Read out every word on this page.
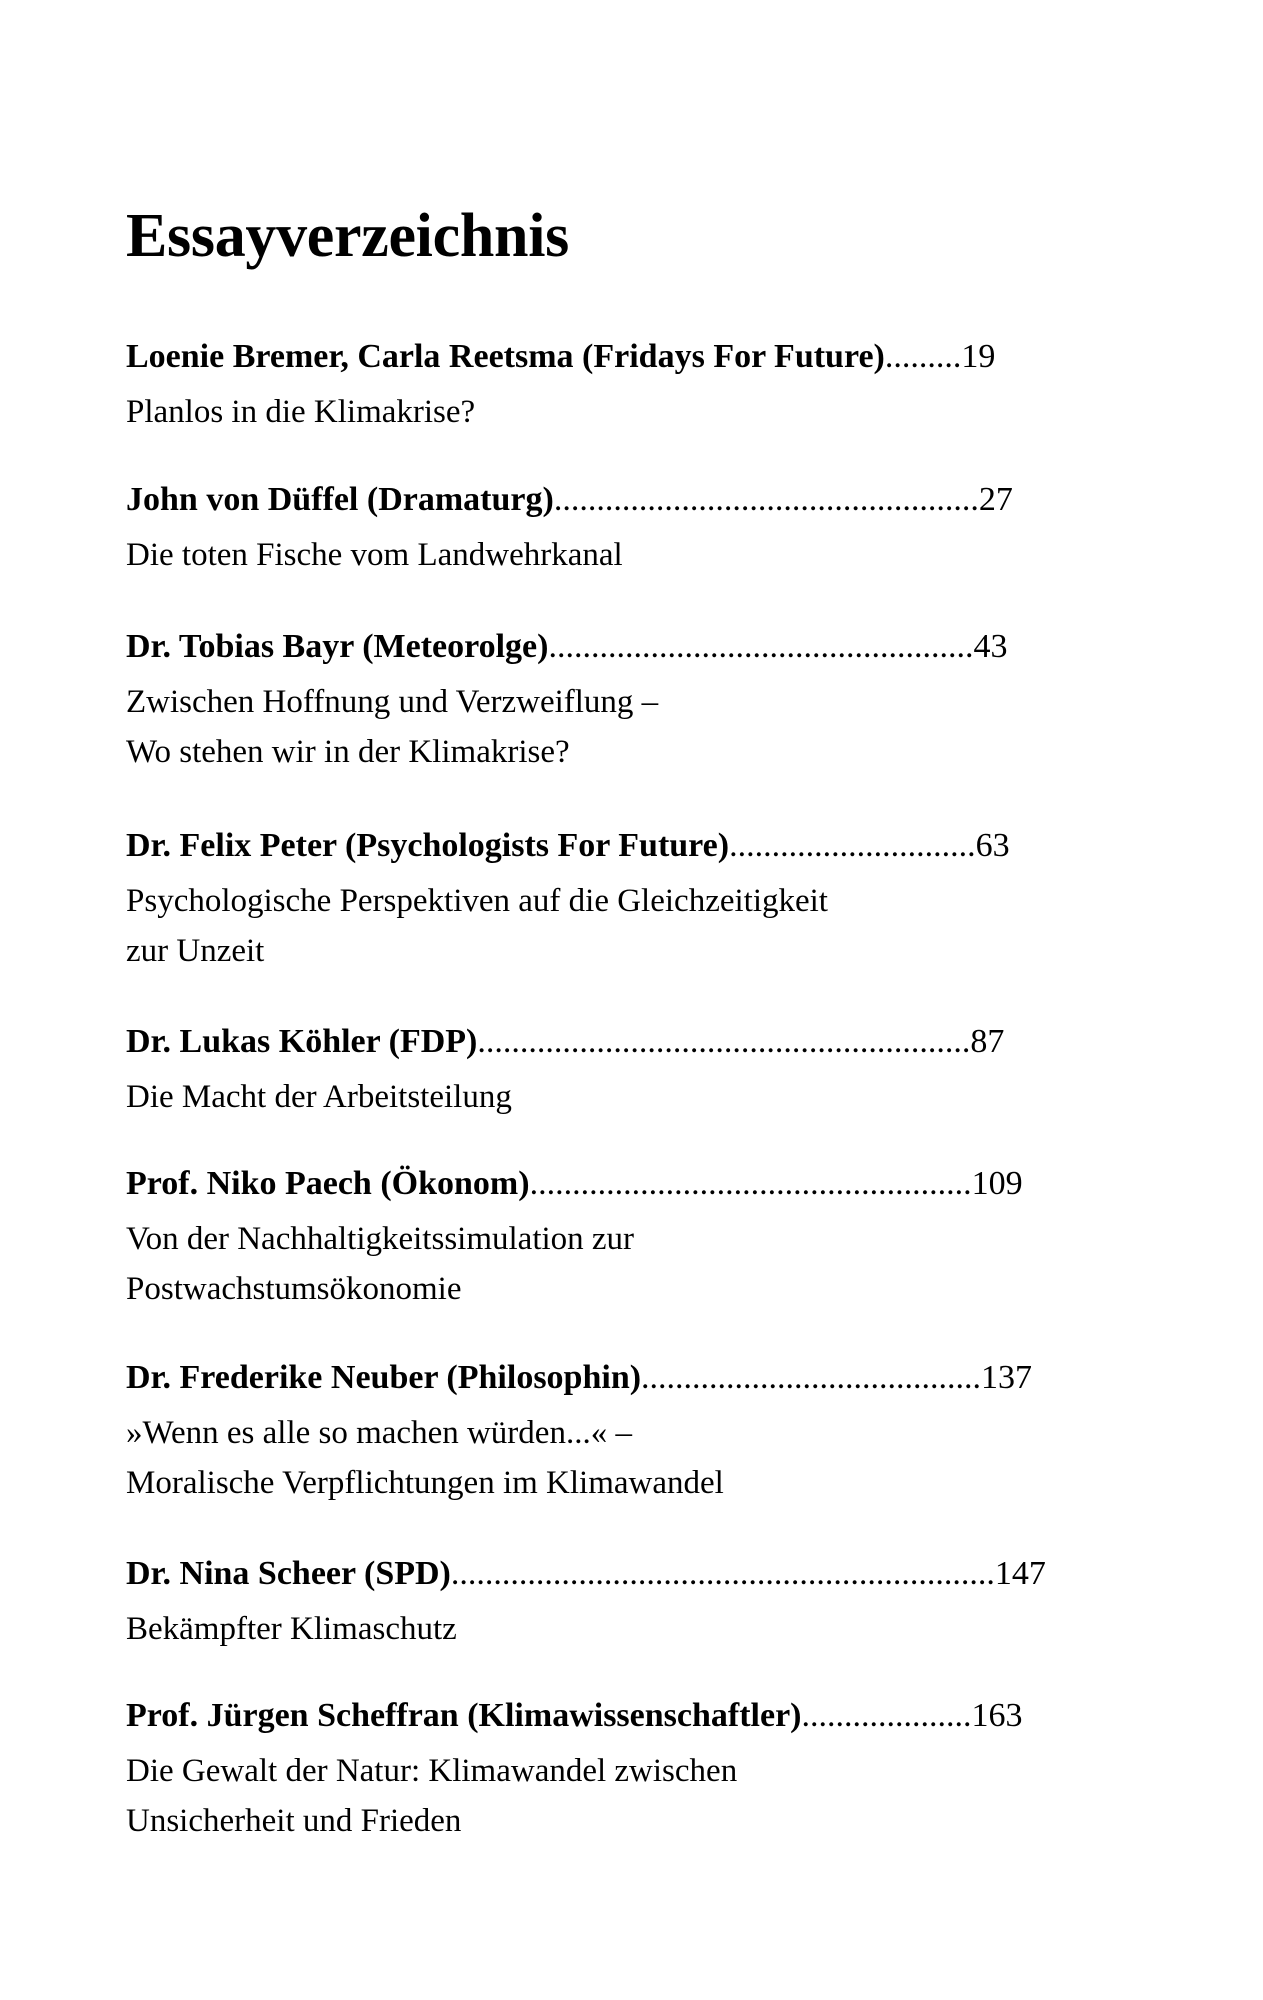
Essayverzeichnis
Loenie Bremer, Carla Reetsma (Fridays For Future).........19
Planlos in die Klimakrise?
John von Düffel (Dramaturg)..................................................27
Die toten Fische vom Landwehrkanal
Dr. Tobias Bayr (Meteorolge)..................................................43
Zwischen Hoffnung und Verzweiflung –
Wo stehen wir in der Klimakrise?
Dr. Felix Peter (Psychologists For Future).............................63
Psychologische Perspektiven auf die Gleichzeitigkeit
zur Unzeit
Dr. Lukas Köhler (FDP)..........................................................87
Die Macht der Arbeitsteilung
Prof. Niko Paech (Ökonom)....................................................109
Von der Nachhaltigkeitssimulation zur
Postwachstumsökonomie
Dr. Frederike Neuber (Philosophin)........................................137
»Wenn es alle so machen würden...« –
Moralische Verpflichtungen im Klimawandel
Dr. Nina Scheer (SPD)................................................................147
Bekämpfter Klimaschutz
Prof. Jürgen Scheffran (Klimawissenschaftler)....................163
Die Gewalt der Natur: Klimawandel zwischen
Unsicherheit und Frieden
